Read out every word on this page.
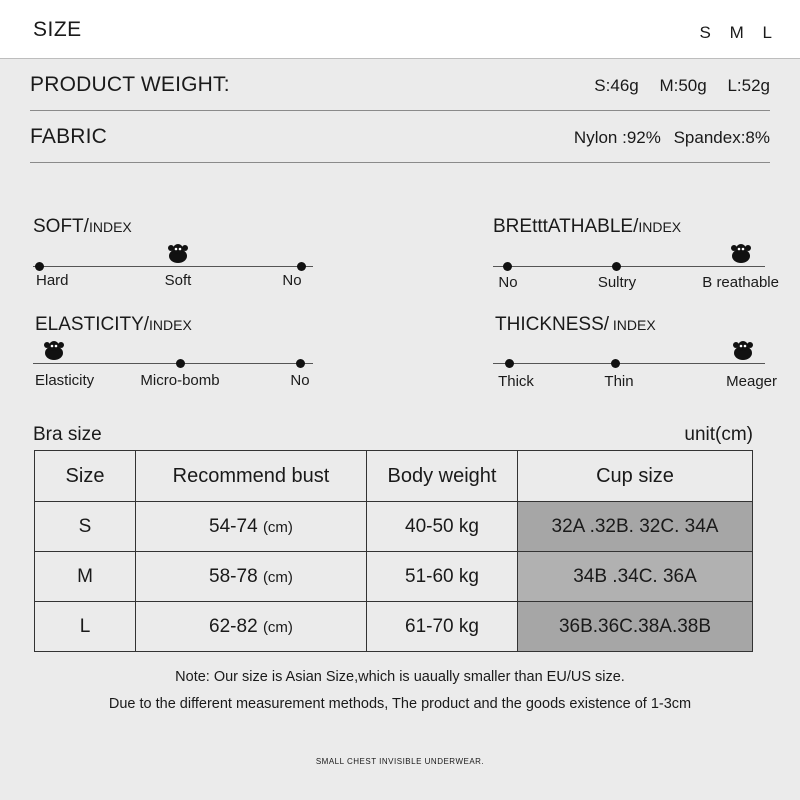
SIZE	S M L
PRODUCT WEIGHT:	S:46g M:50g L:52g
FABRIC	Nylon :92% Spandex:8%
SOFT/INDEX
Hard	Soft	No
BREtttATHABLE/INDEX
No	Sultry	B reathable
ELASTICITY/INDEX
Elasticity	Micro-bomb	No
THICKNESS/ INDEX
Thick	Thin	Meager
Bra size	unit(cm)
Size	Recommend bust	Body weight	Cup size
S	54-74 (cm)	40-50 kg	32A .32B. 32C. 34A
M	58-78 (cm)	51-60 kg	34B .34C. 36A
L	62-82 (cm)	61-70 kg	36B.36C.38A.38B
Note: Our size is Asian Size,which is uaually smaller than EU/US size.
Due to the different measurement methods, The product and the goods existence of 1-3cm
SMALL CHEST INVISIBLE UNDERWEAR.
